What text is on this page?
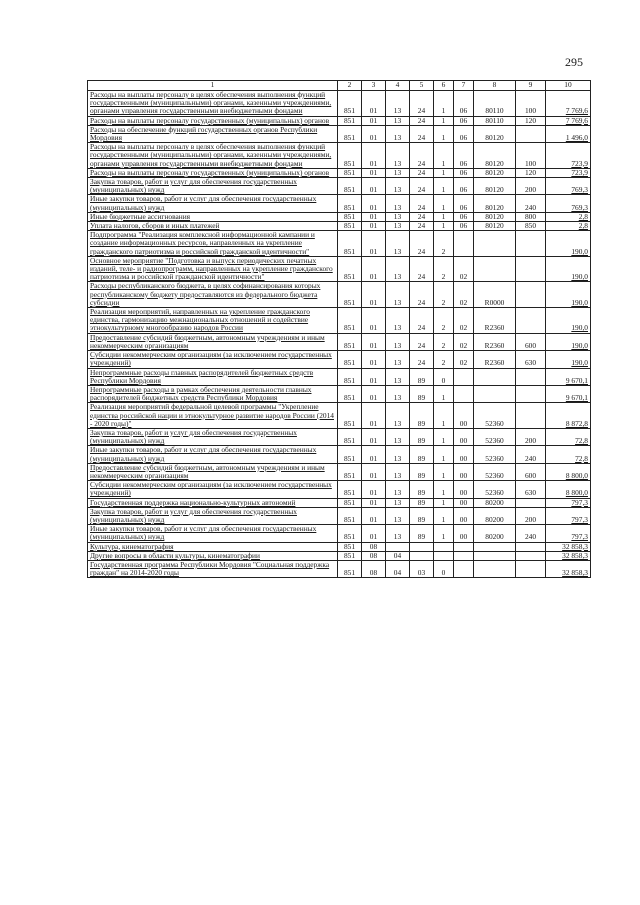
295
1	2	3	4	5	6	7	8	9	10
Расходы на выплаты персоналу в целях обеспечения выполнения функций государственными (муниципальными) органами, казенными учреждениями, органами управления государственными внебюджетными фондами	851	01	13	24	1	06	80110	100	7 769,6
Расходы на выплаты персоналу государственных (муниципальных) органов	851	01	13	24	1	06	80110	120	7 769,6
Расходы на обеспечение функций государственных органов Республики Мордовия	851	01	13	24	1	06	80120		1 496,0
Расходы на выплаты персоналу в целях обеспечения выполнения функций государственными (муниципальными) органами, казенными учреждениями, органами управления государственными внебюджетными фондами	851	01	13	24	1	06	80120	100	723,9
Расходы на выплаты персоналу государственных (муниципальных) органов	851	01	13	24	1	06	80120	120	723,9
Закупка товаров, работ и услуг для обеспечения государственных (муниципальных) нужд	851	01	13	24	1	06	80120	200	769,3
Иные закупки товаров, работ и услуг для обеспечения государственных (муниципальных) нужд	851	01	13	24	1	06	80120	240	769,3
Иные бюджетные ассигнования	851	01	13	24	1	06	80120	800	2,8
Уплата налогов, сборов и иных платежей	851	01	13	24	1	06	80120	850	2,8
Подпрограмма "Реализация комплексной информационной кампании и создание информационных ресурсов, направленных на укрепление гражданского патриотизма и российской гражданской идентичности"	851	01	13	24	2				190,0
Основное мероприятие "Подготовка и выпуск периодических печатных изданий, теле- и радиопрограмм, направленных на укрепление гражданского патриотизма и российской гражданской идентичности"	851	01	13	24	2	02			190,0
Расходы республиканского бюджета, в целях софинансирования которых республиканскому бюджету предоставляются из федерального бюджета субсидии	851	01	13	24	2	02	R0000		190,0
Реализация мероприятий, направленных на укрепление гражданского единства, гармонизацию межнациональных отношений и содействие этнокультурному многообразию народов России	851	01	13	24	2	02	R2360		190,0
Предоставление субсидий бюджетным, автономным учреждениям и иным некоммерческим организациям	851	01	13	24	2	02	R2360	600	190,0
Субсидии некоммерческим организациям (за исключением государственных учреждений)	851	01	13	24	2	02	R2360	630	190,0
Непрограммные расходы главных распорядителей бюджетных средств Республики Мордовия	851	01	13	89	0				9 670,1
Непрограммные расходы в рамках обеспечения деятельности главных распорядителей бюджетных средств Республики Мордовия	851	01	13	89	1				9 670,1
Реализация мероприятий федеральной целевой программы "Укрепление единства российской нации и этнокультурное развитие народов России (2014 - 2020 годы)"	851	01	13	89	1	00	52360		8 872,8
Закупка товаров, работ и услуг для обеспечения государственных (муниципальных) нужд	851	01	13	89	1	00	52360	200	72,8
Иные закупки товаров, работ и услуг для обеспечения государственных (муниципальных) нужд	851	01	13	89	1	00	52360	240	72,8
Предоставление субсидий бюджетным, автономным учреждениям и иным некоммерческим организациям	851	01	13	89	1	00	52360	600	8 800,0
Субсидии некоммерческим организациям (за исключением государственных учреждений)	851	01	13	89	1	00	52360	630	8 800,0
Государственная поддержка национально-культурных автономий	851	01	13	89	1	00	80200		797,3
Закупка товаров, работ и услуг для обеспечения государственных (муниципальных) нужд	851	01	13	89	1	00	80200	200	797,3
Иные закупки товаров, работ и услуг для обеспечения государственных (муниципальных) нужд	851	01	13	89	1	00	80200	240	797,3
Культура, кинематография	851	08							32 858,3
Другие вопросы в области культуры, кинематографии	851	08	04						32 858,3
Государственная программа Республики Мордовия "Социальная поддержка граждан" на 2014-2020 годы	851	08	04	03	0				32 858,3
